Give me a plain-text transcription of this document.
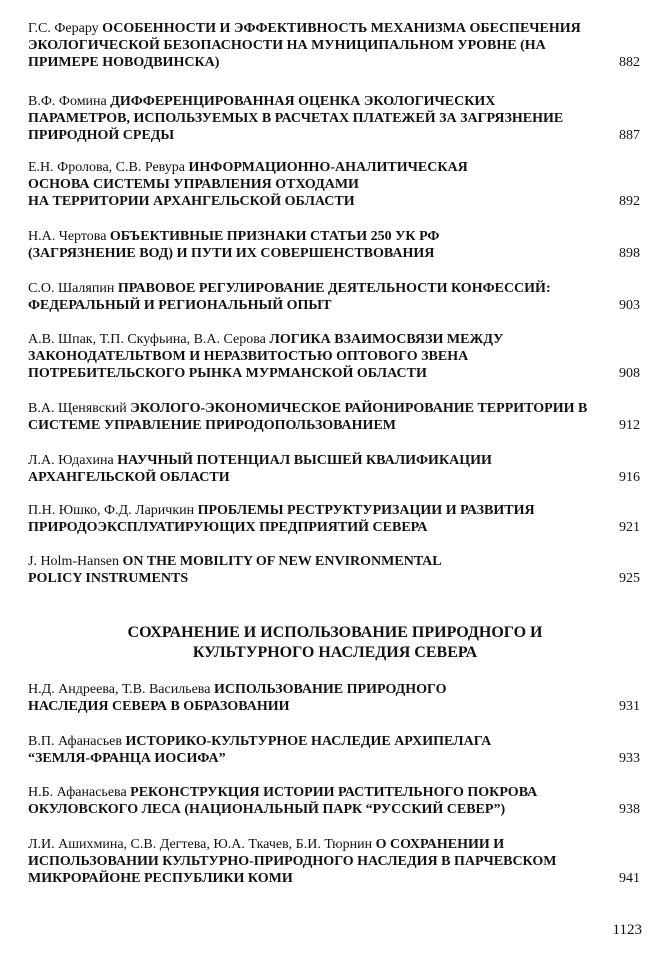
Г.С. Ферару ОСОБЕННОСТИ И ЭФФЕКТИВНОСТЬ МЕХАНИЗМА ОБЕСПЕЧЕНИЯ
ЭКОЛОГИЧЕСКОЙ БЕЗОПАСНОСТИ НА МУНИЦИПАЛЬНОМ УРОВНЕ (НА
ПРИМЕРЕ НОВОДВИНСКА)	882
В.Ф. Фомина ДИФФЕРЕНЦИРОВАННАЯ ОЦЕНКА ЭКОЛОГИЧЕСКИХ
ПАРАМЕТРОВ, ИСПОЛЬЗУЕМЫХ В РАСЧЕТАХ ПЛАТЕЖЕЙ ЗА ЗАГРЯЗНЕНИЕ
ПРИРОДНОЙ СРЕДЫ	887
Е.Н. Фролова, С.В. Ревура ИНФОРМАЦИОННО-АНАЛИТИЧЕСКАЯ
ОСНОВА СИСТЕМЫ УПРАВЛЕНИЯ ОТХОДАМИ
НА ТЕРРИТОРИИ АРХАНГЕЛЬСКОЙ ОБЛАСТИ	892
Н.А. Чертова ОБЪЕКТИВНЫЕ ПРИЗНАКИ СТАТЬИ 250 УК РФ
(ЗАГРЯЗНЕНИЕ ВОД) И ПУТИ ИХ СОВЕРШЕНСТВОВАНИЯ	898
С.О. Шаляпин ПРАВОВОЕ РЕГУЛИРОВАНИЕ ДЕЯТЕЛЬНОСТИ КОНФЕССИЙ:
ФЕДЕРАЛЬНЫЙ И РЕГИОНАЛЬНЫЙ ОПЫТ	903
А.В. Шпак, Т.П. Скуфьина, В.А. Серова ЛОГИКА ВЗАИМОСВЯЗИ МЕЖДУ
ЗАКОНОДАТЕЛЬТВОМ И НЕРАЗВИТОСТЬЮ ОПТОВОГО ЗВЕНА
ПОТРЕБИТЕЛЬСКОГО РЫНКА МУРМАНСКОЙ ОБЛАСТИ	908
В.А. Щенявский ЭКОЛОГО-ЭКОНОМИЧЕСКОЕ РАЙОНИРОВАНИЕ ТЕРРИТОРИИ В
СИСТЕМЕ УПРАВЛЕНИЕ ПРИРОДОПОЛЬЗОВАНИЕМ	912
Л.А. Юдахина НАУЧНЫЙ ПОТЕНЦИАЛ ВЫСШЕЙ КВАЛИФИКАЦИИ
АРХАНГЕЛЬСКОЙ ОБЛАСТИ	916
П.Н. Юшко, Ф.Д. Ларичкин ПРОБЛЕМЫ РЕСТРУКТУРИЗАЦИИ И РАЗВИТИЯ
ПРИРОДОЭКСПЛУАТИРУЮЩИХ ПРЕДПРИЯТИЙ СЕВЕРА	921
J. Holm-Hansen ON THE MOBILITY OF NEW ENVIRONMENTAL
POLICY INSTRUMENTS	925
СОХРАНЕНИЕ И ИСПОЛЬЗОВАНИЕ ПРИРОДНОГО И
КУЛЬТУРНОГО НАСЛЕДИЯ СЕВЕРА
Н.Д. Андреева, Т.В. Васильева ИСПОЛЬЗОВАНИЕ ПРИРОДНОГО
НАСЛЕДИЯ СЕВЕРА В ОБРАЗОВАНИИ	931
В.П. Афанасьев ИСТОРИКО-КУЛЬТУРНОЕ НАСЛЕДИЕ АРХИПЕЛАГА
“ЗЕМЛЯ-ФРАНЦА ИОСИФА”	933
Н.Б. Афанасьева РЕКОНСТРУКЦИЯ ИСТОРИИ РАСТИТЕЛЬНОГО ПОКРОВА
ОКУЛОВСКОГО ЛЕСА (НАЦИОНАЛЬНЫЙ ПАРК “РУССКИЙ СЕВЕР”)	938
Л.И. Ашихмина, С.В. Дегтева, Ю.А. Ткачев, Б.И. Тюрнин О СОХРАНЕНИИ И
ИСПОЛЬЗОВАНИИ КУЛЬТУРНО-ПРИРОДНОГО НАСЛЕДИЯ В ПАРЧЕВСКОМ
МИКРОРАЙОНЕ РЕСПУБЛИКИ КОМИ	941
1123
